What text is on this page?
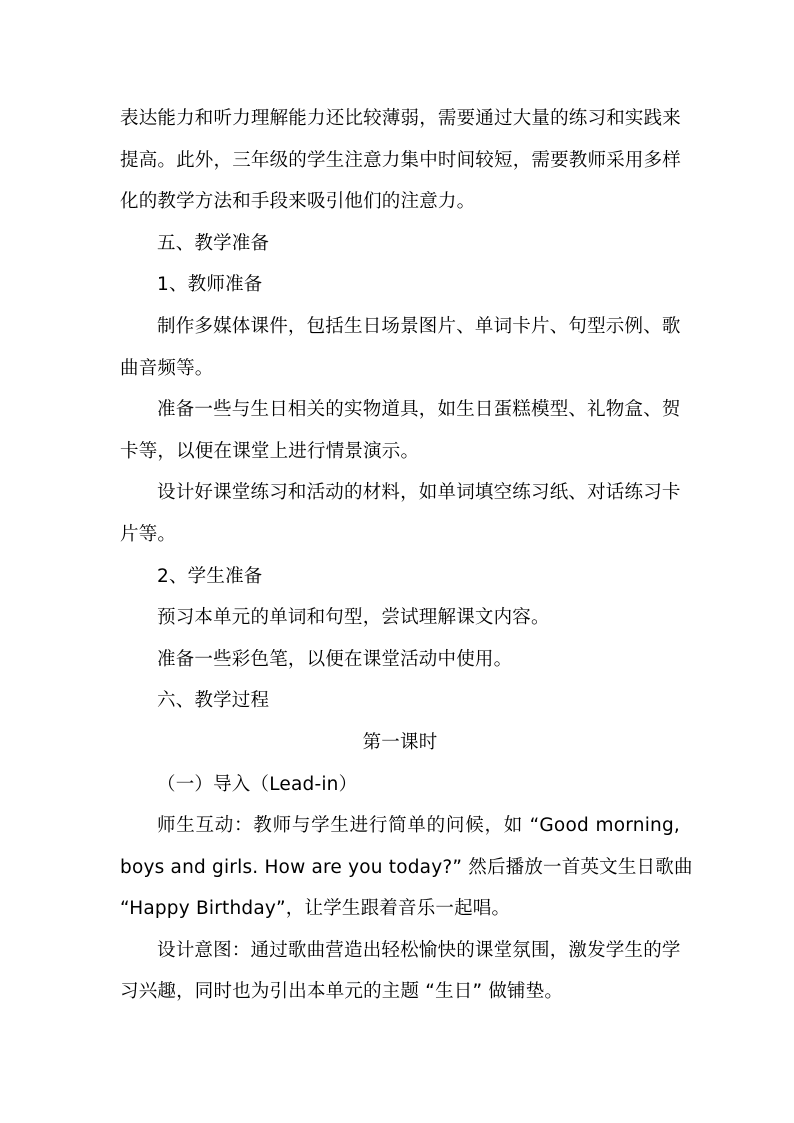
表达能力和听力理解能力还比较薄弱，需要通过大量的练习和实践来
提高。此外，三年级的学生注意力集中时间较短，需要教师采用多样
化的教学方法和手段来吸引他们的注意力。

五、教学准备

1、教师准备

制作多媒体课件，包括生日场景图片、单词卡片、句型示例、歌
曲音频等。

准备一些与生日相关的实物道具，如生日蛋糕模型、礼物盒、贺
卡等，以便在课堂上进行情景演示。

设计好课堂练习和活动的材料，如单词填空练习纸、对话练习卡
片等。

2、学生准备

预习本单元的单词和句型，尝试理解课文内容。

准备一些彩色笔，以便在课堂活动中使用。

六、教学过程

第一课时

（一）导入（Lead-in）

师生互动：教师与学生进行简单的问候，如 “Good morning,
boys and girls. How are you today?” 然后播放一首英文生日歌曲
“Happy Birthday”，让学生跟着音乐一起唱。

设计意图：通过歌曲营造出轻松愉快的课堂氛围，激发学生的学
习兴趣，同时也为引出本单元的主题 “生日” 做铺垫。
